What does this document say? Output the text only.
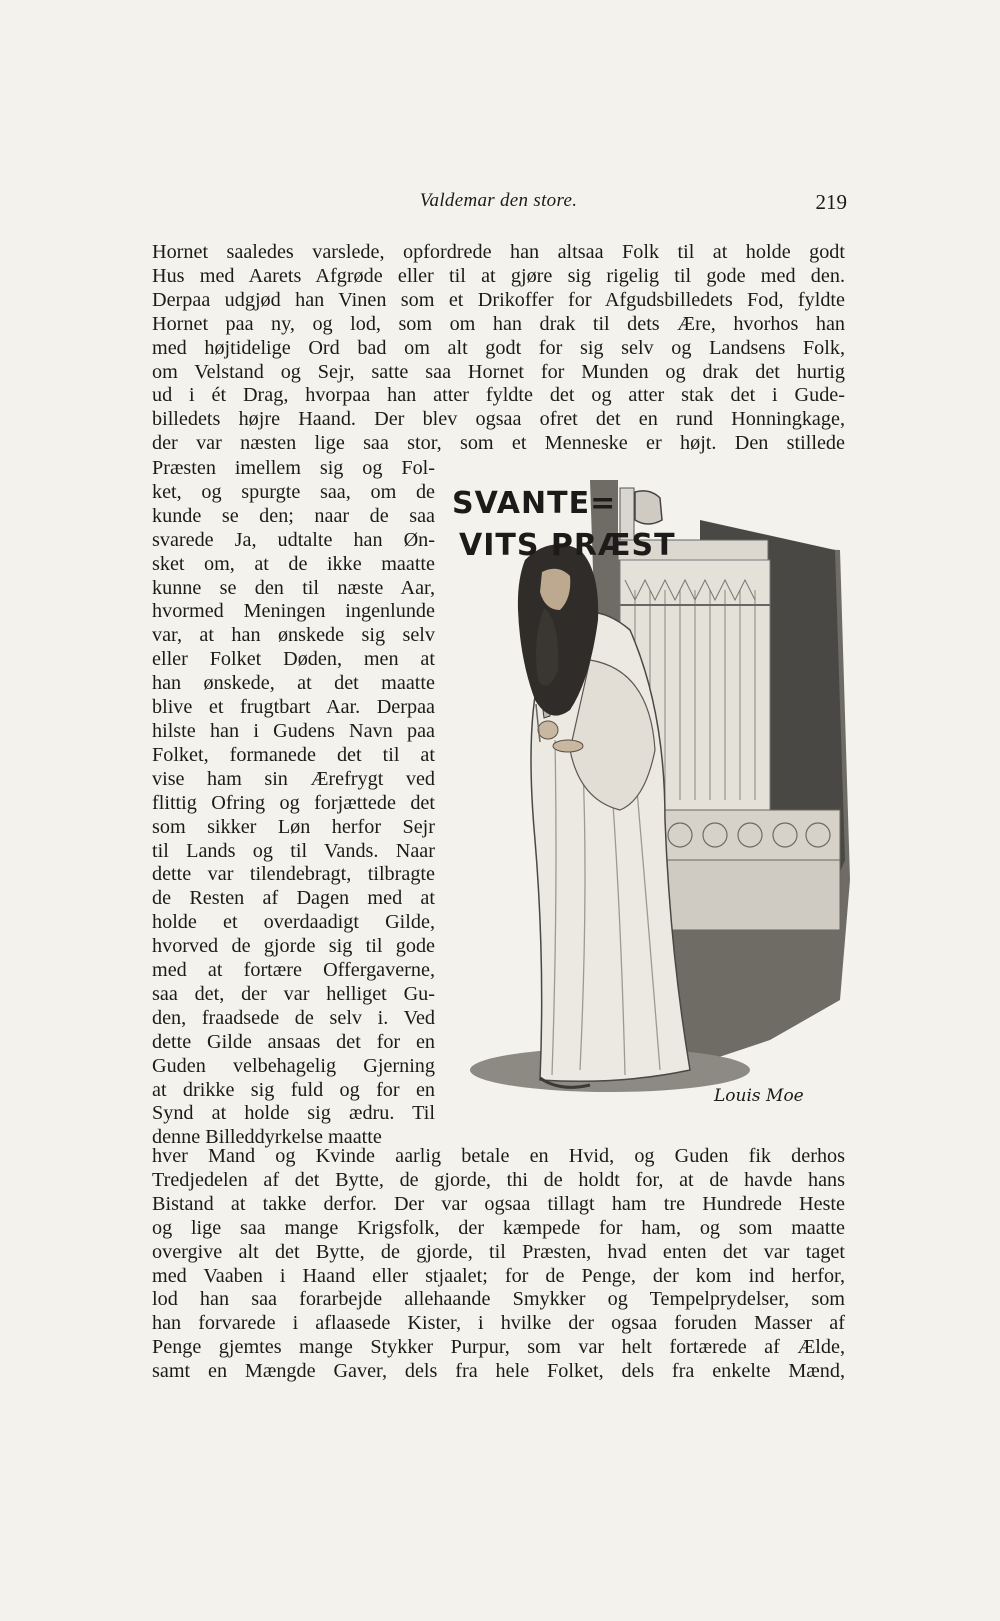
Valdemar den store.	219
Hornet saaledes varslede, opfordrede han altsaa Folk til at holde godt
Hus med Aarets Afgrøde eller til at gjøre sig rigelig til gode med den.
Derpaa udgjød han Vinen som et Drikoffer for Afgudsbilledets Fod, fyldte
Hornet paa ny, og lod, som om han drak til dets Ære, hvorhos han
med højtidelige Ord bad om alt godt for sig selv og Landsens Folk,
om Velstand og Sejr, satte saa Hornet for Munden og drak det hurtig
ud i ét Drag, hvorpaa han atter fyldte det og atter stak det i Gude-
billedets højre Haand. Der blev ogsaa ofret det en rund Honningkage,
der var næsten lige saa stor, som et Menneske er højt. Den stillede
Præsten imellem sig og Fol-
ket, og spurgte saa, om de
kunde se den; naar de saa
svarede Ja, udtalte han Øn-
sket om, at de ikke maatte
kunne se den til næste Aar,
hvormed Meningen ingenlunde
var, at han ønskede sig selv
eller Folket Døden, men at
han ønskede, at det maatte
blive et frugtbart Aar. Derpaa
hilste han i Gudens Navn paa
Folket, formanede det til at
vise ham sin Ærefrygt ved
flittig Ofring og forjættede det
som sikker Løn herfor Sejr
til Lands og til Vands. Naar
dette var tilendebragt, tilbragte
de Resten af Dagen med at
holde et overdaadigt Gilde,
hvorved de gjorde sig til gode
med at fortære Offergaverne,
saa det, der var helliget Gu-
den, fraadsede de selv i. Ved
dette Gilde ansaas det for en
Guden velbehagelig Gjerning
at drikke sig fuld og for en
Synd at holde sig ædru. Til
denne Billeddyrkelse maatte
SVANTE=
VITS PRÆST
Louis Moe
hver Mand og Kvinde aarlig betale en Hvid, og Guden fik derhos
Tredjedelen af det Bytte, de gjorde, thi de holdt for, at de havde hans
Bistand at takke derfor. Der var ogsaa tillagt ham tre Hundrede Heste
og lige saa mange Krigsfolk, der kæmpede for ham, og som maatte
overgive alt det Bytte, de gjorde, til Præsten, hvad enten det var taget
med Vaaben i Haand eller stjaalet; for de Penge, der kom ind herfor,
lod han saa forarbejde allehaande Smykker og Tempelprydelser, som
han forvarede i aflaasede Kister, i hvilke der ogsaa foruden Masser af
Penge gjemtes mange Stykker Purpur, som var helt fortærede af Ælde,
samt en Mængde Gaver, dels fra hele Folket, dels fra enkelte Mænd,
